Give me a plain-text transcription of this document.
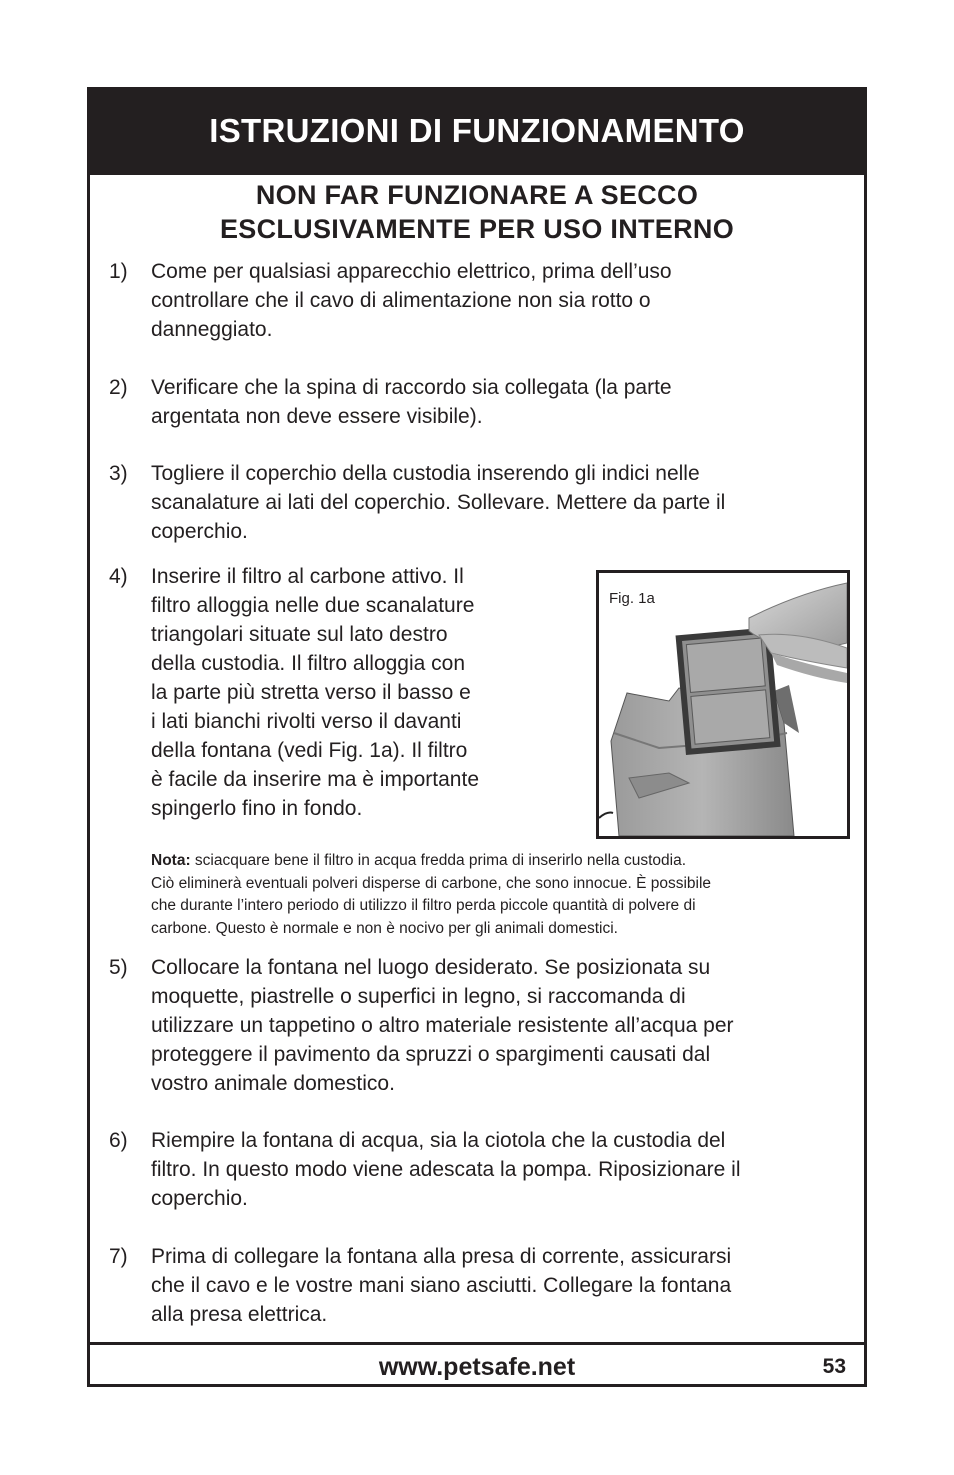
ISTRUZIONI DI FUNZIONAMENTO
NON FAR FUNZIONARE A SECCO
ESCLUSIVAMENTE PER USO INTERNO
1)	Come per qualsiasi apparecchio elettrico, prima dell’uso
controllare che il cavo di alimentazione non sia rotto o
danneggiato.
2)	Verificare che la spina di raccordo sia collegata (la parte
argentata non deve essere visibile).
3)	Togliere il coperchio della custodia inserendo gli indici nelle
scanalature ai lati del coperchio. Sollevare. Mettere da parte il
coperchio.
4)	Inserire il filtro al carbone attivo. Il
filtro alloggia nelle due scanalature
triangolari situate sul lato destro
della custodia. Il filtro alloggia con
la parte più stretta verso il basso e
i lati bianchi rivolti verso il davanti
della fontana (vedi Fig. 1a). Il filtro
è facile da inserire ma è importante
spingerlo fino in fondo.
Fig. 1a
Nota: sciacquare bene il filtro in acqua fredda prima di inserirlo nella custodia.
Ciò eliminerà eventuali polveri disperse di carbone, che sono innocue. È possibile
che durante l’intero periodo di utilizzo il filtro perda piccole quantità di polvere di
carbone. Questo è normale e non è nocivo per gli animali domestici.
5)	Collocare la fontana nel luogo desiderato. Se posizionata su
moquette, piastrelle o superfici in legno, si raccomanda di
utilizzare un tappetino o altro materiale resistente all’acqua per
proteggere il pavimento da spruzzi o spargimenti causati dal
vostro animale domestico.
6)	Riempire la fontana di acqua, sia la ciotola che la custodia del
filtro. In questo modo viene adescata la pompa. Riposizionare il
coperchio.
7)	Prima di collegare la fontana alla presa di corrente, assicurarsi
che il cavo e le vostre mani siano asciutti. Collegare la fontana
alla presa elettrica.
www.petsafe.net	53
